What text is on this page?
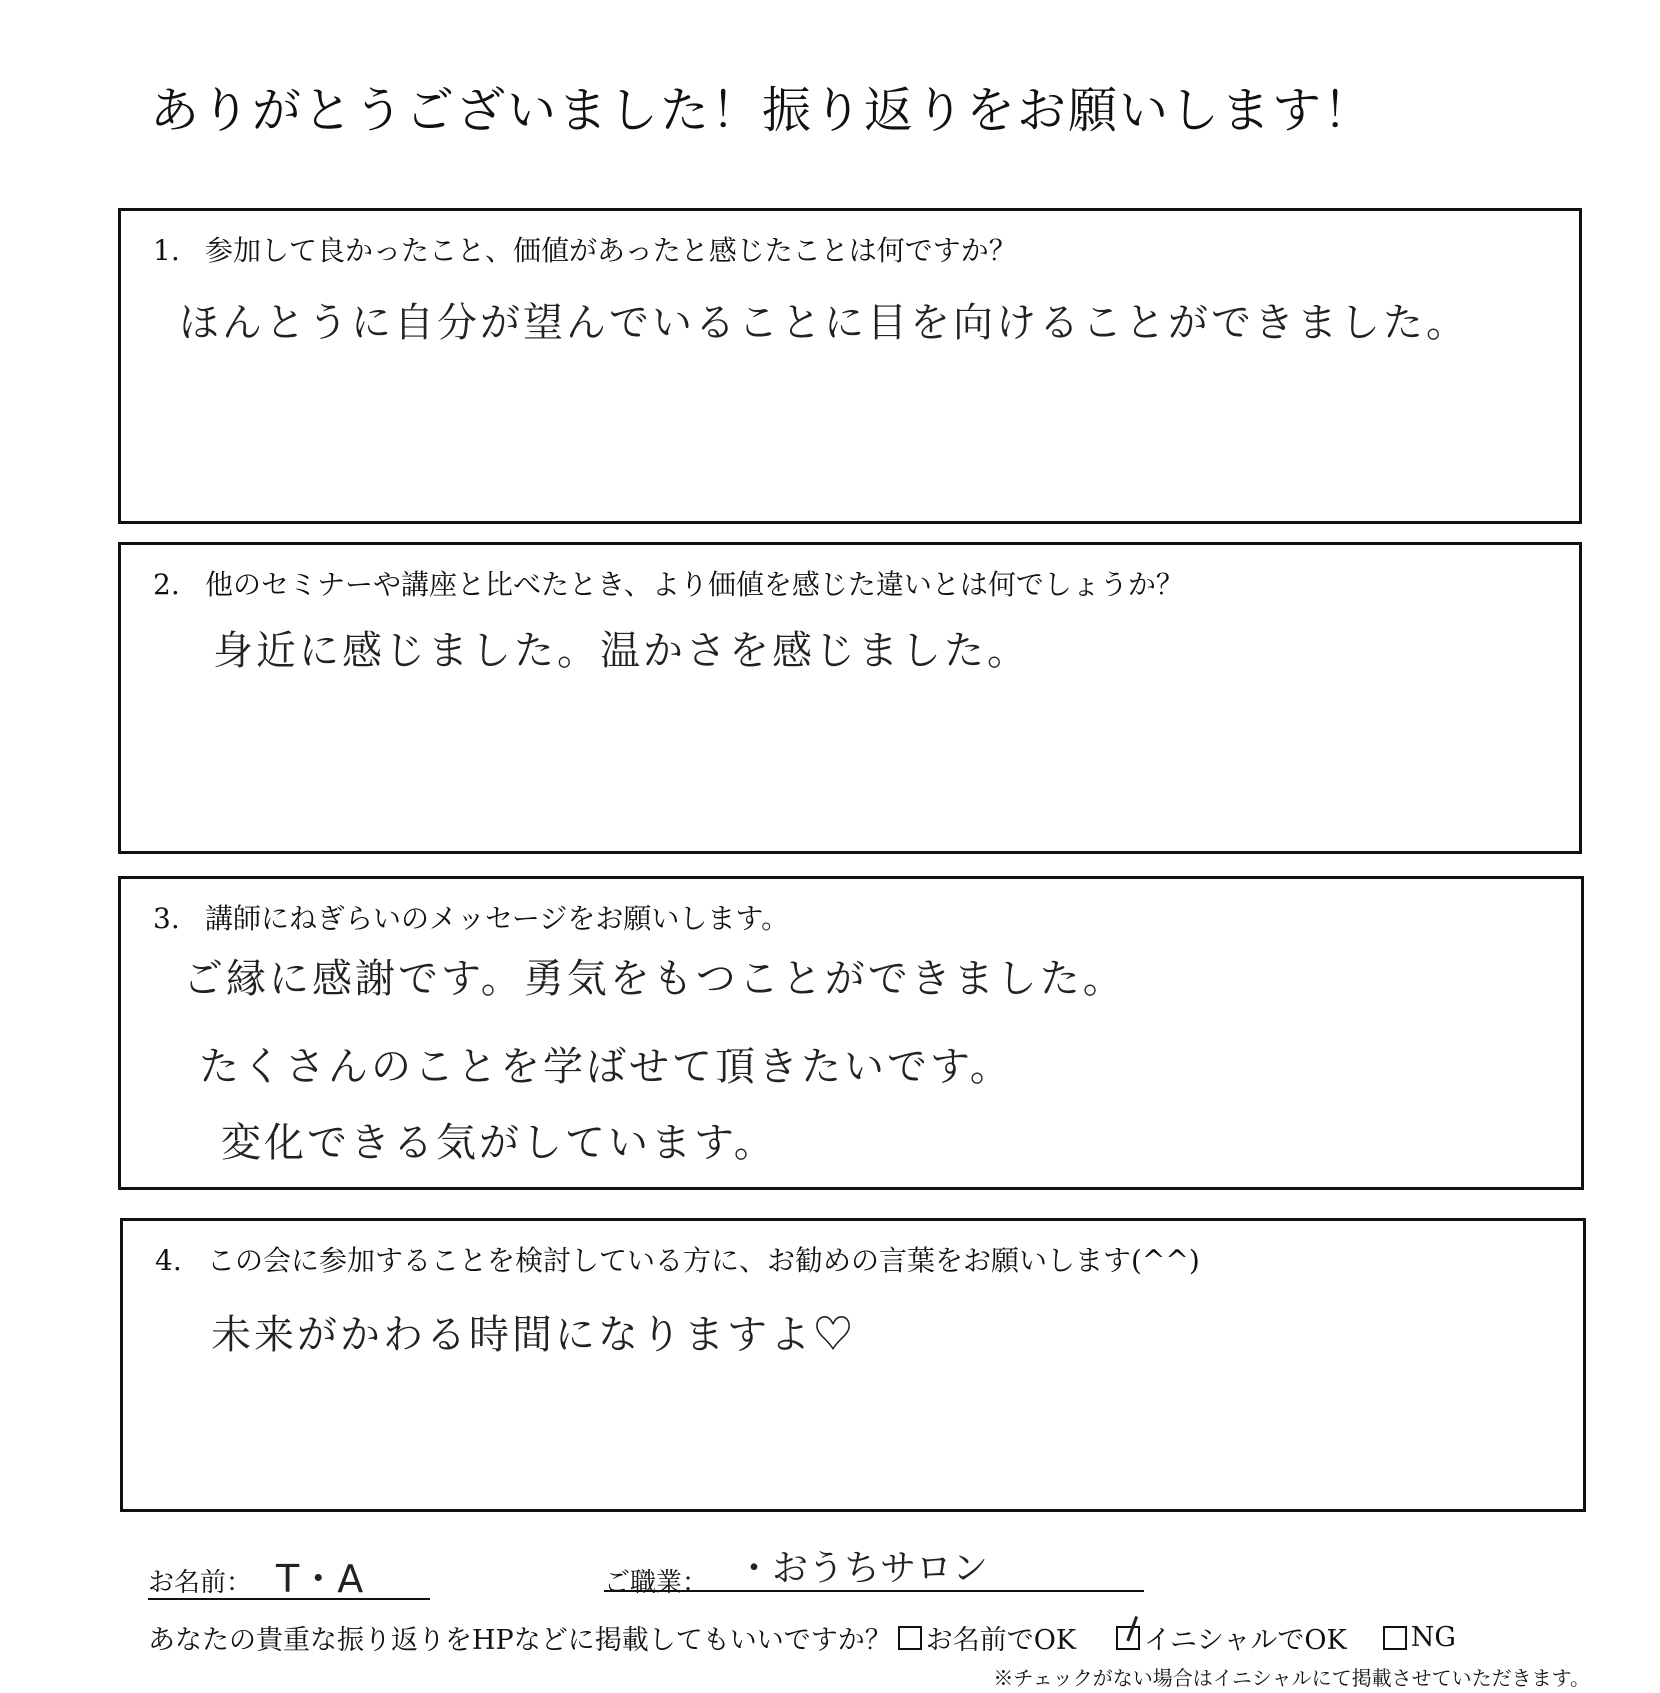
ありがとうございました！振り返りをお願いします！
1. 参加して良かったこと、価値があったと感じたことは何ですか？
ほんとうに自分が望んでいることに目を向けることができました。
2. 他のセミナーや講座と比べたとき、より価値を感じた違いとは何でしょうか？
身近に感じました。温かさを感じました。
3. 講師にねぎらいのメッセージをお願いします。
ご縁に感謝です。勇気をもつことができました。
たくさんのことを学ばせて頂きたいです。
変化できる気がしています。
4. この会に参加することを検討している方に、お勧めの言葉をお願いします(^^)
未来がかわる時間になりますよ♡
お名前： T・A	ご職業： ・おうちサロン
あなたの貴重な振り返りをHPなどに掲載してもいいですか？ お名前でOK	イニシャルでOK NG
※チェックがない場合はイニシャルにて掲載させていただきます。
